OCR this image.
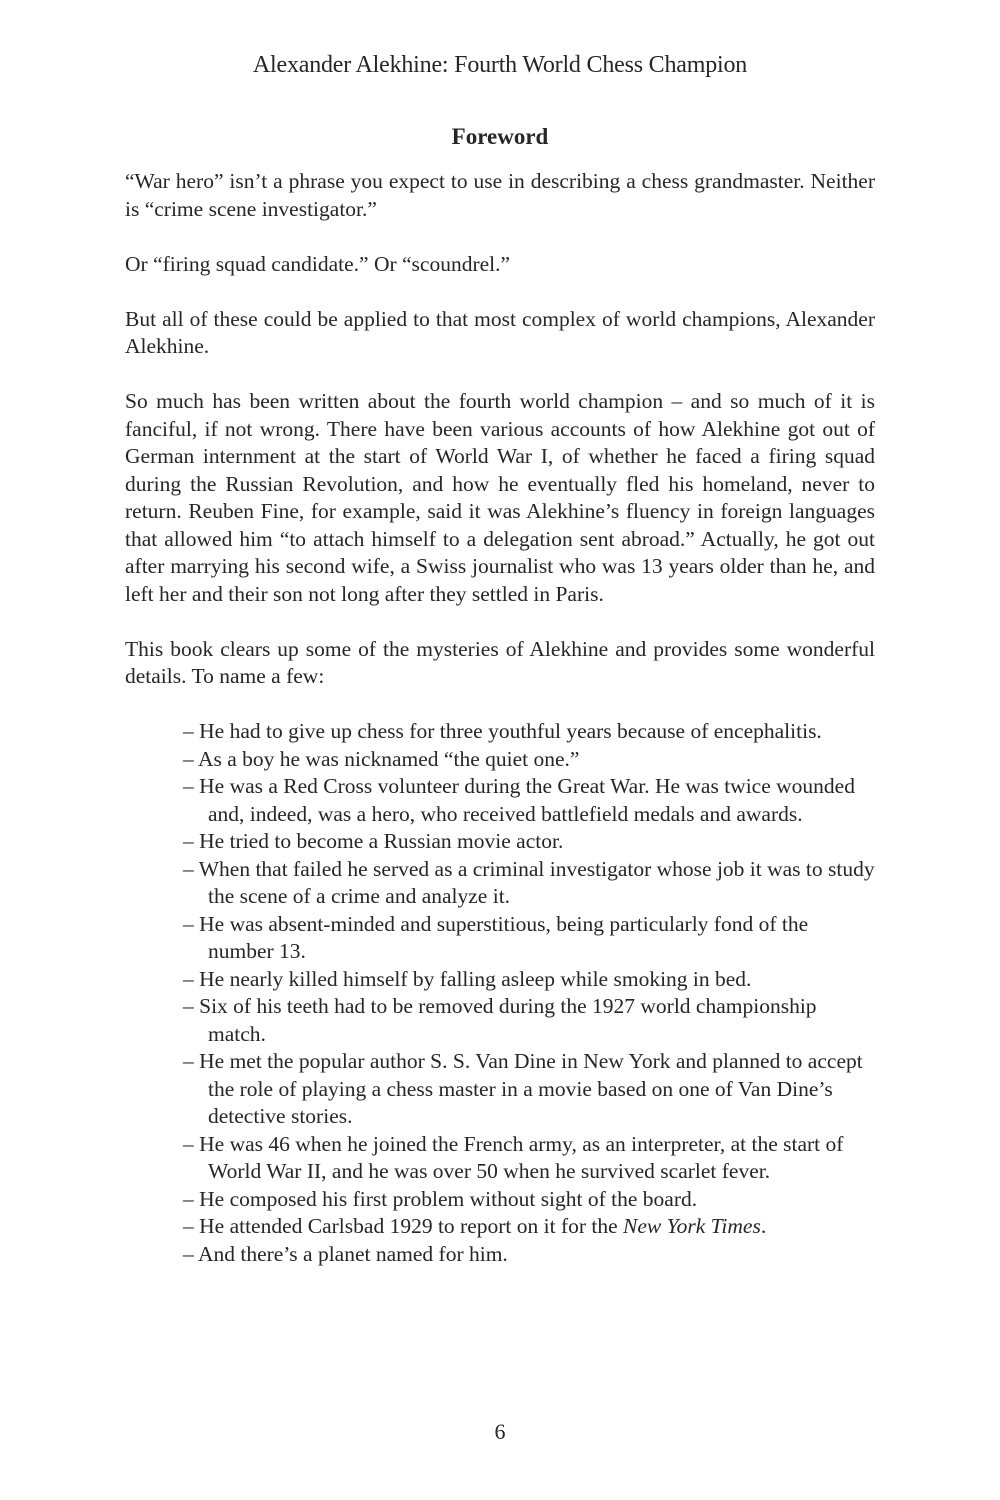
Alexander Alekhine: Fourth World Chess Champion
Foreword

“War hero” isn’t a phrase you expect to use in describing a chess grandmaster. Neither is “crime scene investigator.”

Or “firing squad candidate.” Or “scoundrel.”

But all of these could be applied to that most complex of world champions, Alexander Alekhine.

So much has been written about the fourth world champion – and so much of it is fanciful, if not wrong. There have been various accounts of how Alekhine got out of German internment at the start of World War I, of whether he faced a firing squad during the Russian Revolution, and how he eventually fled his homeland, never to return. Reuben Fine, for example, said it was Alekhine’s fluency in foreign languages that allowed him “to attach himself to a delegation sent abroad.” Actually, he got out after marrying his second wife, a Swiss journalist who was 13 years older than he, and left her and their son not long after they settled in Paris.

This book clears up some of the mysteries of Alekhine and provides some wonderful details. To name a few:

– He had to give up chess for three youthful years because of encephalitis.
– As a boy he was nicknamed “the quiet one.”
– He was a Red Cross volunteer during the Great War. He was twice wounded and, indeed, was a hero, who received battlefield medals and awards.
– He tried to become a Russian movie actor.
– When that failed he served as a criminal investigator whose job it was to study the scene of a crime and analyze it.
– He was absent-minded and superstitious, being particularly fond of the number 13.
– He nearly killed himself by falling asleep while smoking in bed.
– Six of his teeth had to be removed during the 1927 world championship match.
– He met the popular author S. S. Van Dine in New York and planned to accept the role of playing a chess master in a movie based on one of Van Dine’s detective stories.
– He was 46 when he joined the French army, as an interpreter, at the start of World War II, and he was over 50 when he survived scarlet fever.
– He composed his first problem without sight of the board.
– He attended Carlsbad 1929 to report on it for the New York Times.
– And there’s a planet named for him.
6
